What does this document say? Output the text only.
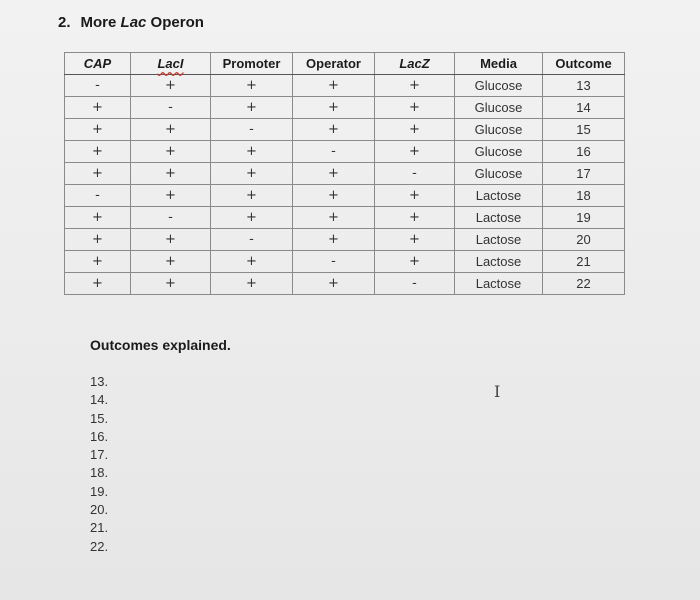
2. More Lac Operon
CAP	LacI	Promoter	Operator	LacZ	Media	Outcome
-	+	+	+	+	Glucose	13
+	-	+	+	+	Glucose	14
+	+	-	+	+	Glucose	15
+	+	+	-	+	Glucose	16
+	+	+	+	-	Glucose	17
-	+	+	+	+	Lactose	18
+	-	+	+	+	Lactose	19
+	+	-	+	+	Lactose	20
+	+	+	-	+	Lactose	21
+	+	+	+	-	Lactose	22
Outcomes explained.
13.
14.
15.
16.
17.
18.
19.
20.
21.
22.
I
